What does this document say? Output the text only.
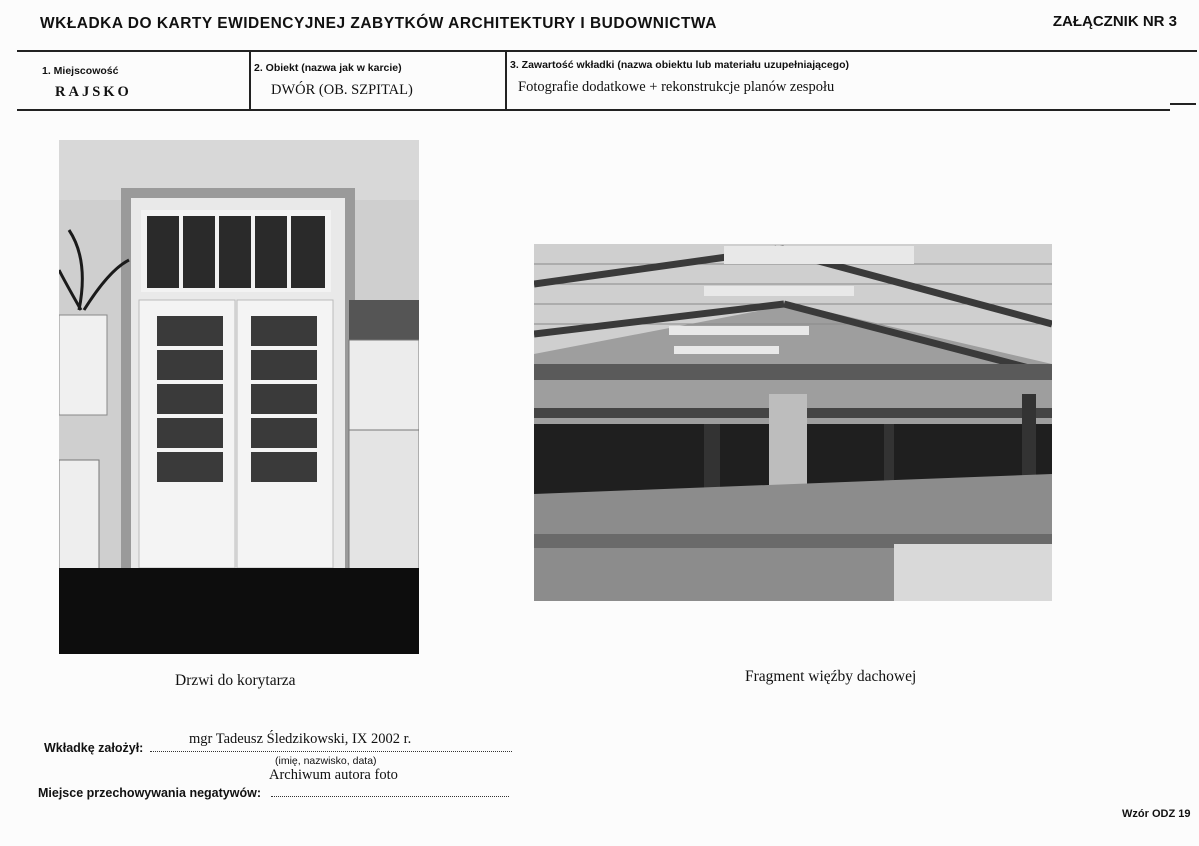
WKŁADKA DO KARTY EWIDENCYJNEJ ZABYTKÓW ARCHITEKTURY I BUDOWNICTWA	ZAŁĄCZNIK NR 3
1. Miejscowość
RAJSKO
2. Obiekt (nazwa jak w karcie)
DWÓR (OB. SZPITAL)
3. Zawartość wkładki (nazwa obiektu lub materiału uzupełniającego)
Fotografie dodatkowe + rekonstrukcje planów zespołu
Drzwi do korytarza	Fragment więźby dachowej
Wkładkę założył:
mgr Tadeusz Śledzikowski, IX 2002 r.
(imię, nazwisko, data)
Archiwum autora foto
Miejsce przechowywania negatywów:
Wzór ODZ 19
